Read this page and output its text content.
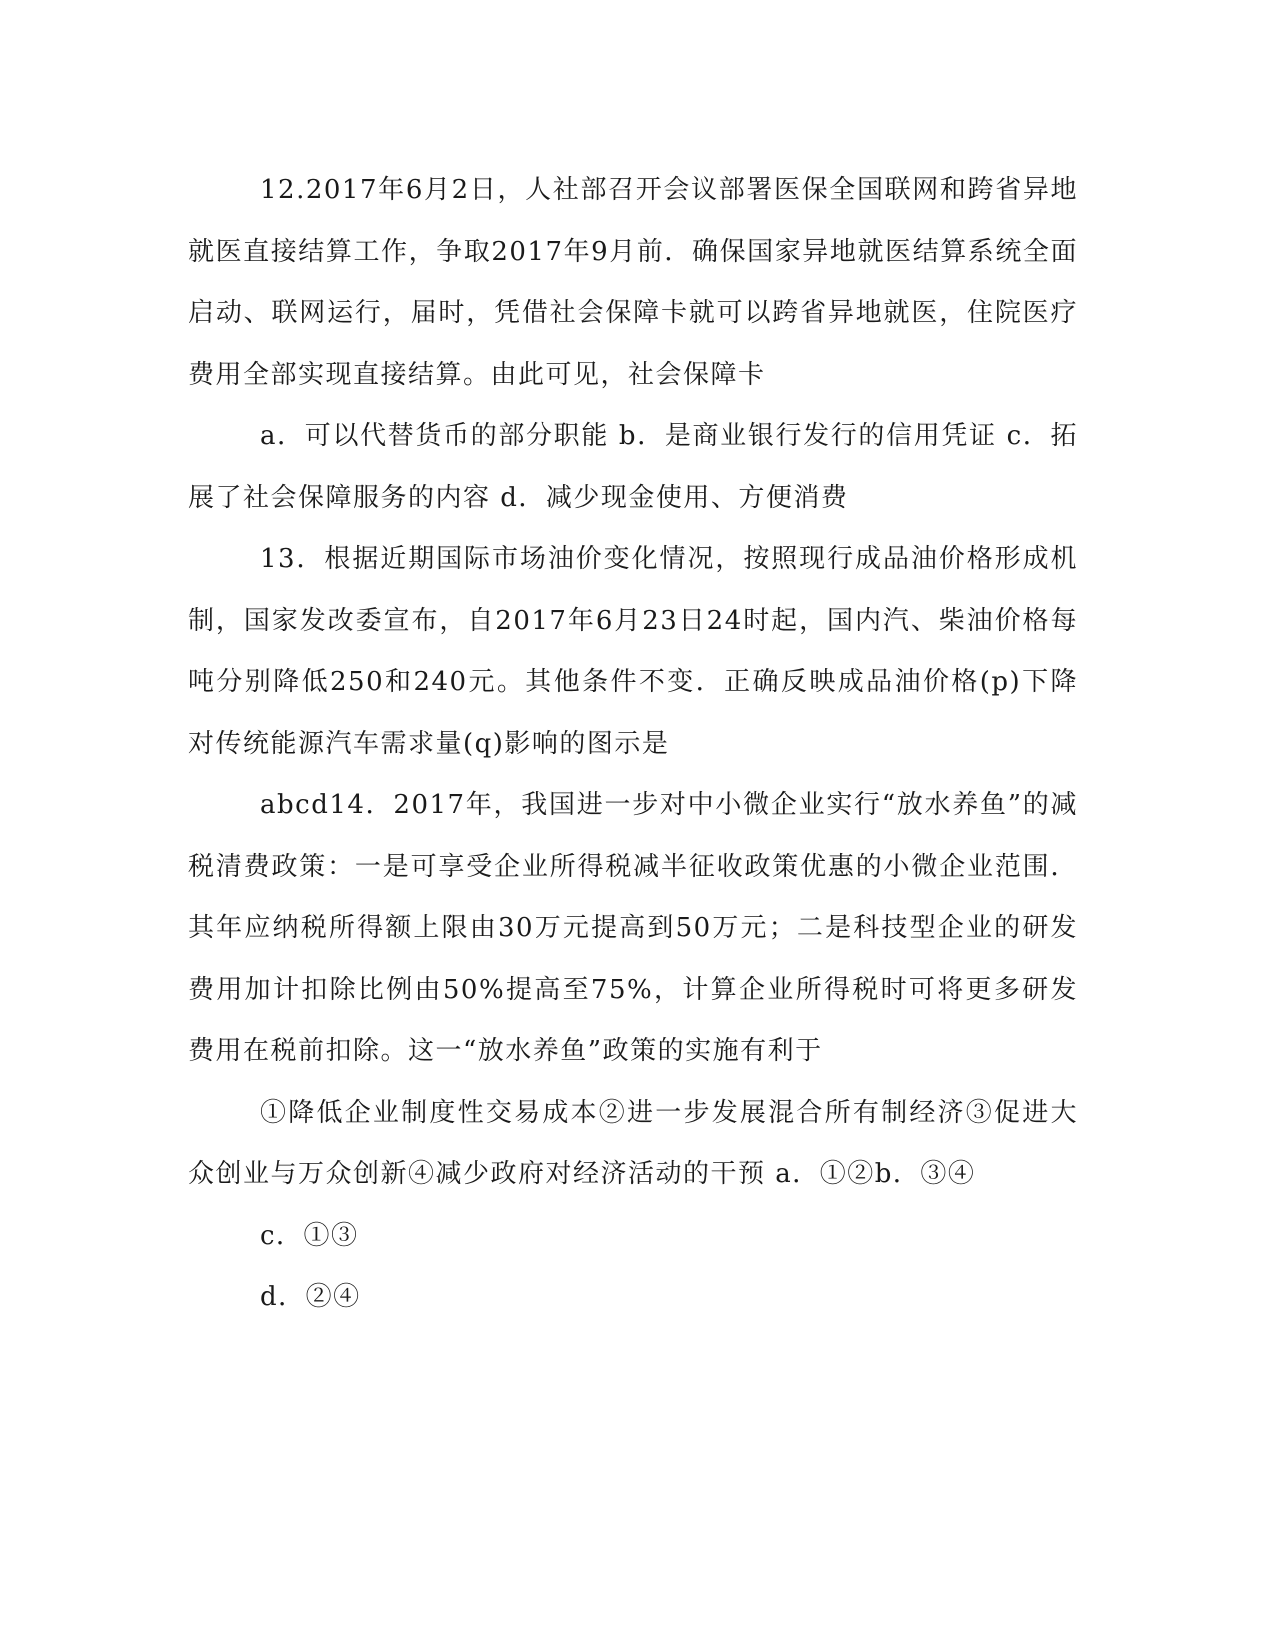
12.2017年6月2日，人社部召开会议部署医保全国联网和跨省异地就医直接结算工作，争取2017年9月前．确保国家异地就医结算系统全面启动、联网运行，届时，凭借社会保障卡就可以跨省异地就医，住院医疗费用全部实现直接结算。由此可见，社会保障卡

a．可以代替货币的部分职能 b．是商业银行发行的信用凭证 c．拓展了社会保障服务的内容 d．减少现金使用、方便消费

13．根据近期国际市场油价变化情况，按照现行成品油价格形成机制，国家发改委宣布，自2017年6月23日24时起，国内汽、柴油价格每吨分别降低250和240元。其他条件不变．正确反映成品油价格(p)下降对传统能源汽车需求量(q)影响的图示是

abcd14．2017年，我国进一步对中小微企业实行“放水养鱼”的减税清费政策：一是可享受企业所得税减半征收政策优惠的小微企业范围．其年应纳税所得额上限由30万元提高到50万元；二是科技型企业的研发费用加计扣除比例由50%提高至75%，计算企业所得税时可将更多研发费用在税前扣除。这一“放水养鱼”政策的实施有利于

①降低企业制度性交易成本②进一步发展混合所有制经济③促进大众创业与万众创新④减少政府对经济活动的干预 a．①②b．③④

c．①③

d．②④
